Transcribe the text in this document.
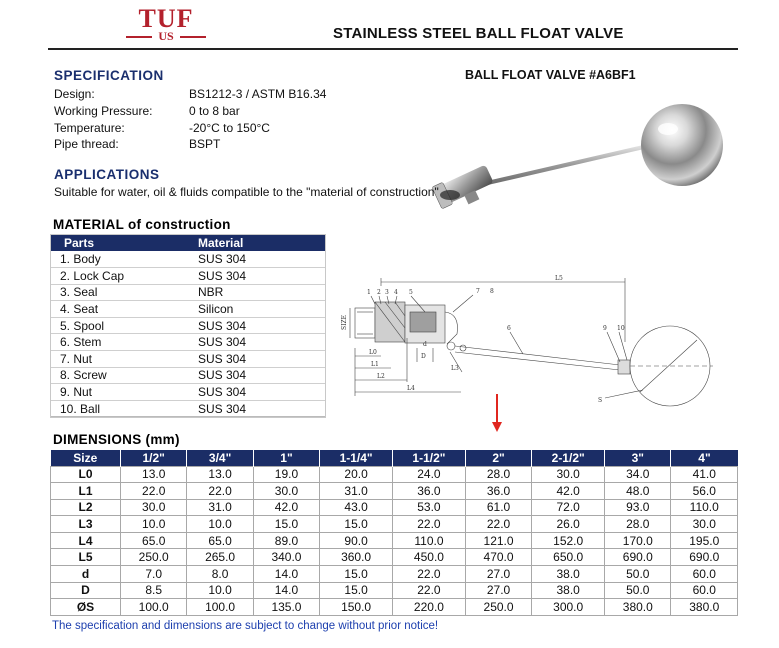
TUF
US	STAINLESS STEEL BALL FLOAT VALVE
SPECIFICATION
Design:	BS1212-3 / ASTM B16.34
Working Pressure:	0 to 8 bar
Temperature:	-20°C to 150°C
Pipe thread:	BSPT
BALL FLOAT VALVE #A6BF1
APPLICATIONS
Suitable for water, oil & fluids compatible to the "material of construction"
MATERIAL of construction
Parts	Material
1. Body	SUS 304
2. Lock Cap	SUS 304
3. Seal	NBR
4. Seat	Silicon
5. Spool	SUS 304
6. Stem	SUS 304
7. Nut	SUS 304
8. Screw	SUS 304
9. Nut	SUS 304
10. Ball	SUS 304
1 2 3 4 5	7 8
6	9 10
L5
SIZE
L0
L1
L2
L4
L3
D
d
S
DIMENSIONS (mm)
Size	1/2"	3/4"	1"	1-1/4"	1-1/2"	2"	2-1/2"	3"	4"
L0	13.0	13.0	19.0	20.0	24.0	28.0	30.0	34.0	41.0
L1	22.0	22.0	30.0	31.0	36.0	36.0	42.0	48.0	56.0
L2	30.0	31.0	42.0	43.0	53.0	61.0	72.0	93.0	110.0
L3	10.0	10.0	15.0	15.0	22.0	22.0	26.0	28.0	30.0
L4	65.0	65.0	89.0	90.0	110.0	121.0	152.0	170.0	195.0
L5	250.0	265.0	340.0	360.0	450.0	470.0	650.0	690.0	690.0
d	7.0	8.0	14.0	15.0	22.0	27.0	38.0	50.0	60.0
D	8.5	10.0	14.0	15.0	22.0	27.0	38.0	50.0	60.0
ØS	100.0	100.0	135.0	150.0	220.0	250.0	300.0	380.0	380.0
The specification and dimensions are subject to change without prior notice!
